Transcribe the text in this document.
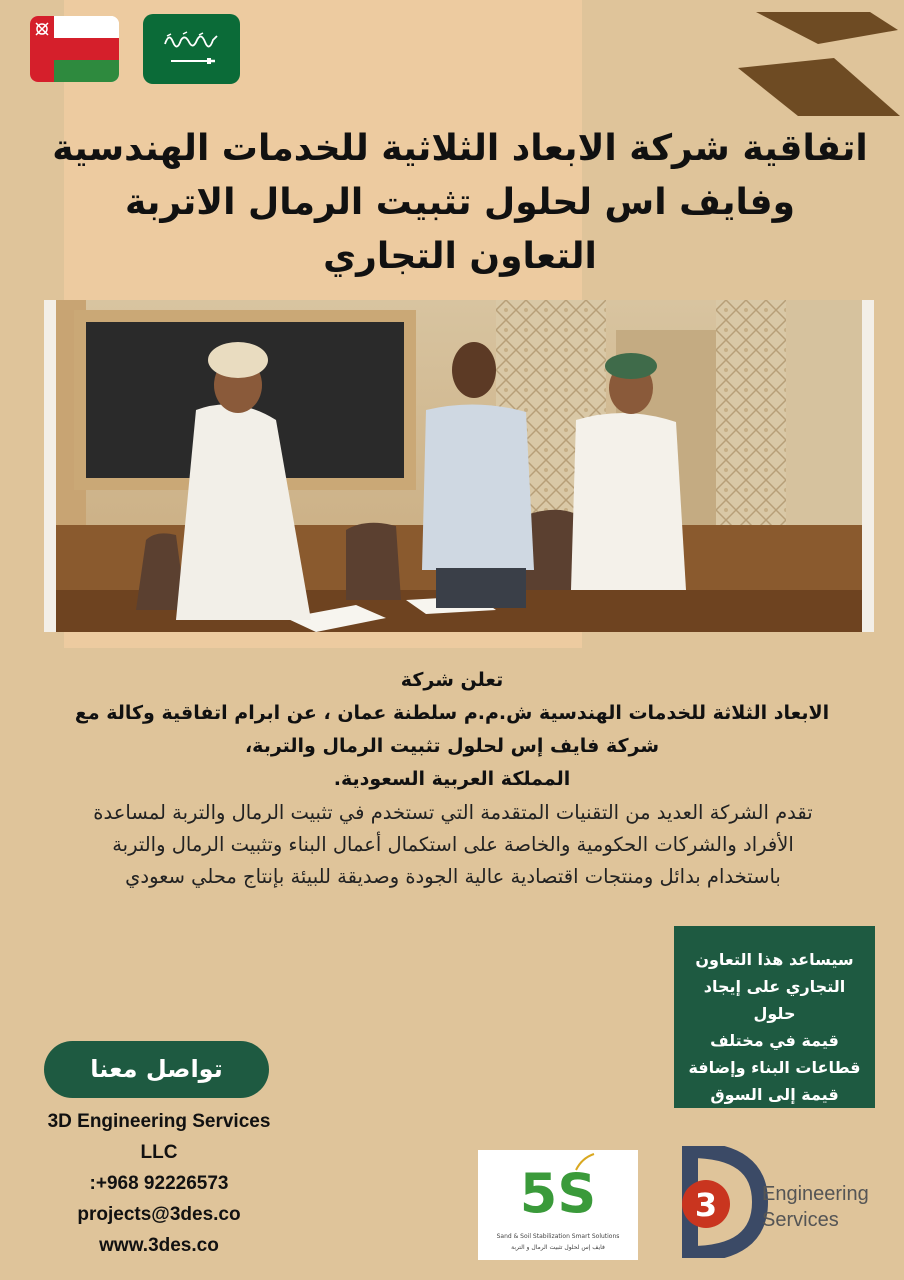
اتفاقية شركة الابعاد الثلاثية للخدمات الهندسية
وفايف اس لحلول تثبيت الرمال الاتربة
التعاون التجاري
تعلن شركة
الابعاد الثلاثة للخدمات الهندسية ش.م.م سلطنة عمان ، عن ابرام اتفاقية وكالة مع
شركة فايف إس لحلول تثبيت الرمال والتربة،
المملكة العربية السعودية.
تقدم الشركة العديد من التقنيات المتقدمة التي تستخدم في تثبيت الرمال والتربة لمساعدة
الأفراد والشركات الحكومية والخاصة على استكمال أعمال البناء وتثبيت الرمال والتربة
باستخدام بدائل ومنتجات اقتصادية عالية الجودة وصديقة للبيئة بإنتاج محلي سعودي
سيساعد هذا التعاون
التجاري على إيجاد حلول
قيمة في مختلف
قطاعات البناء وإضافة
قيمة إلى السوق
تواصل معنا
3D Engineering Services
LLC
:+968 92226573
projects@3des.co
www.3des.co
5S
Sand & Soil Stabilization Smart Solutions
فايف إس لحلول تثبيت الرمال و التربة
3 Engineering
Services
